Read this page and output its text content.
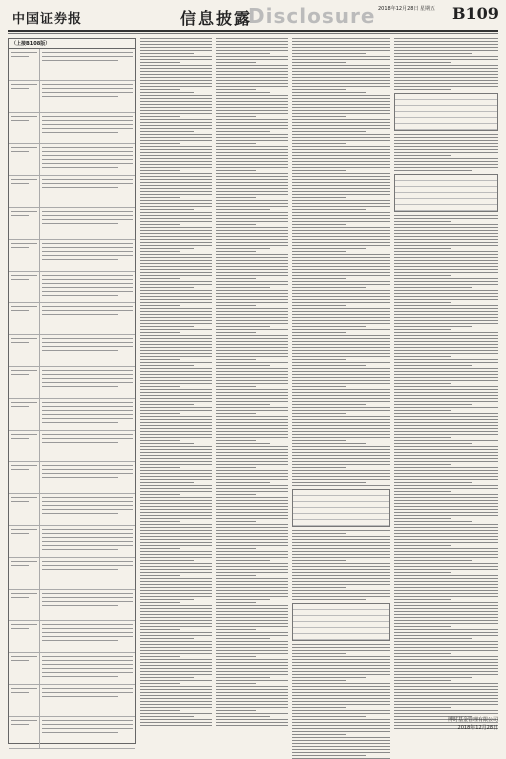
中国证券报	信息披露
Disclosure 2018年12月28日 星期五 B109
（上接B108版）
博时基金管理有限公司
2018年12月28日
